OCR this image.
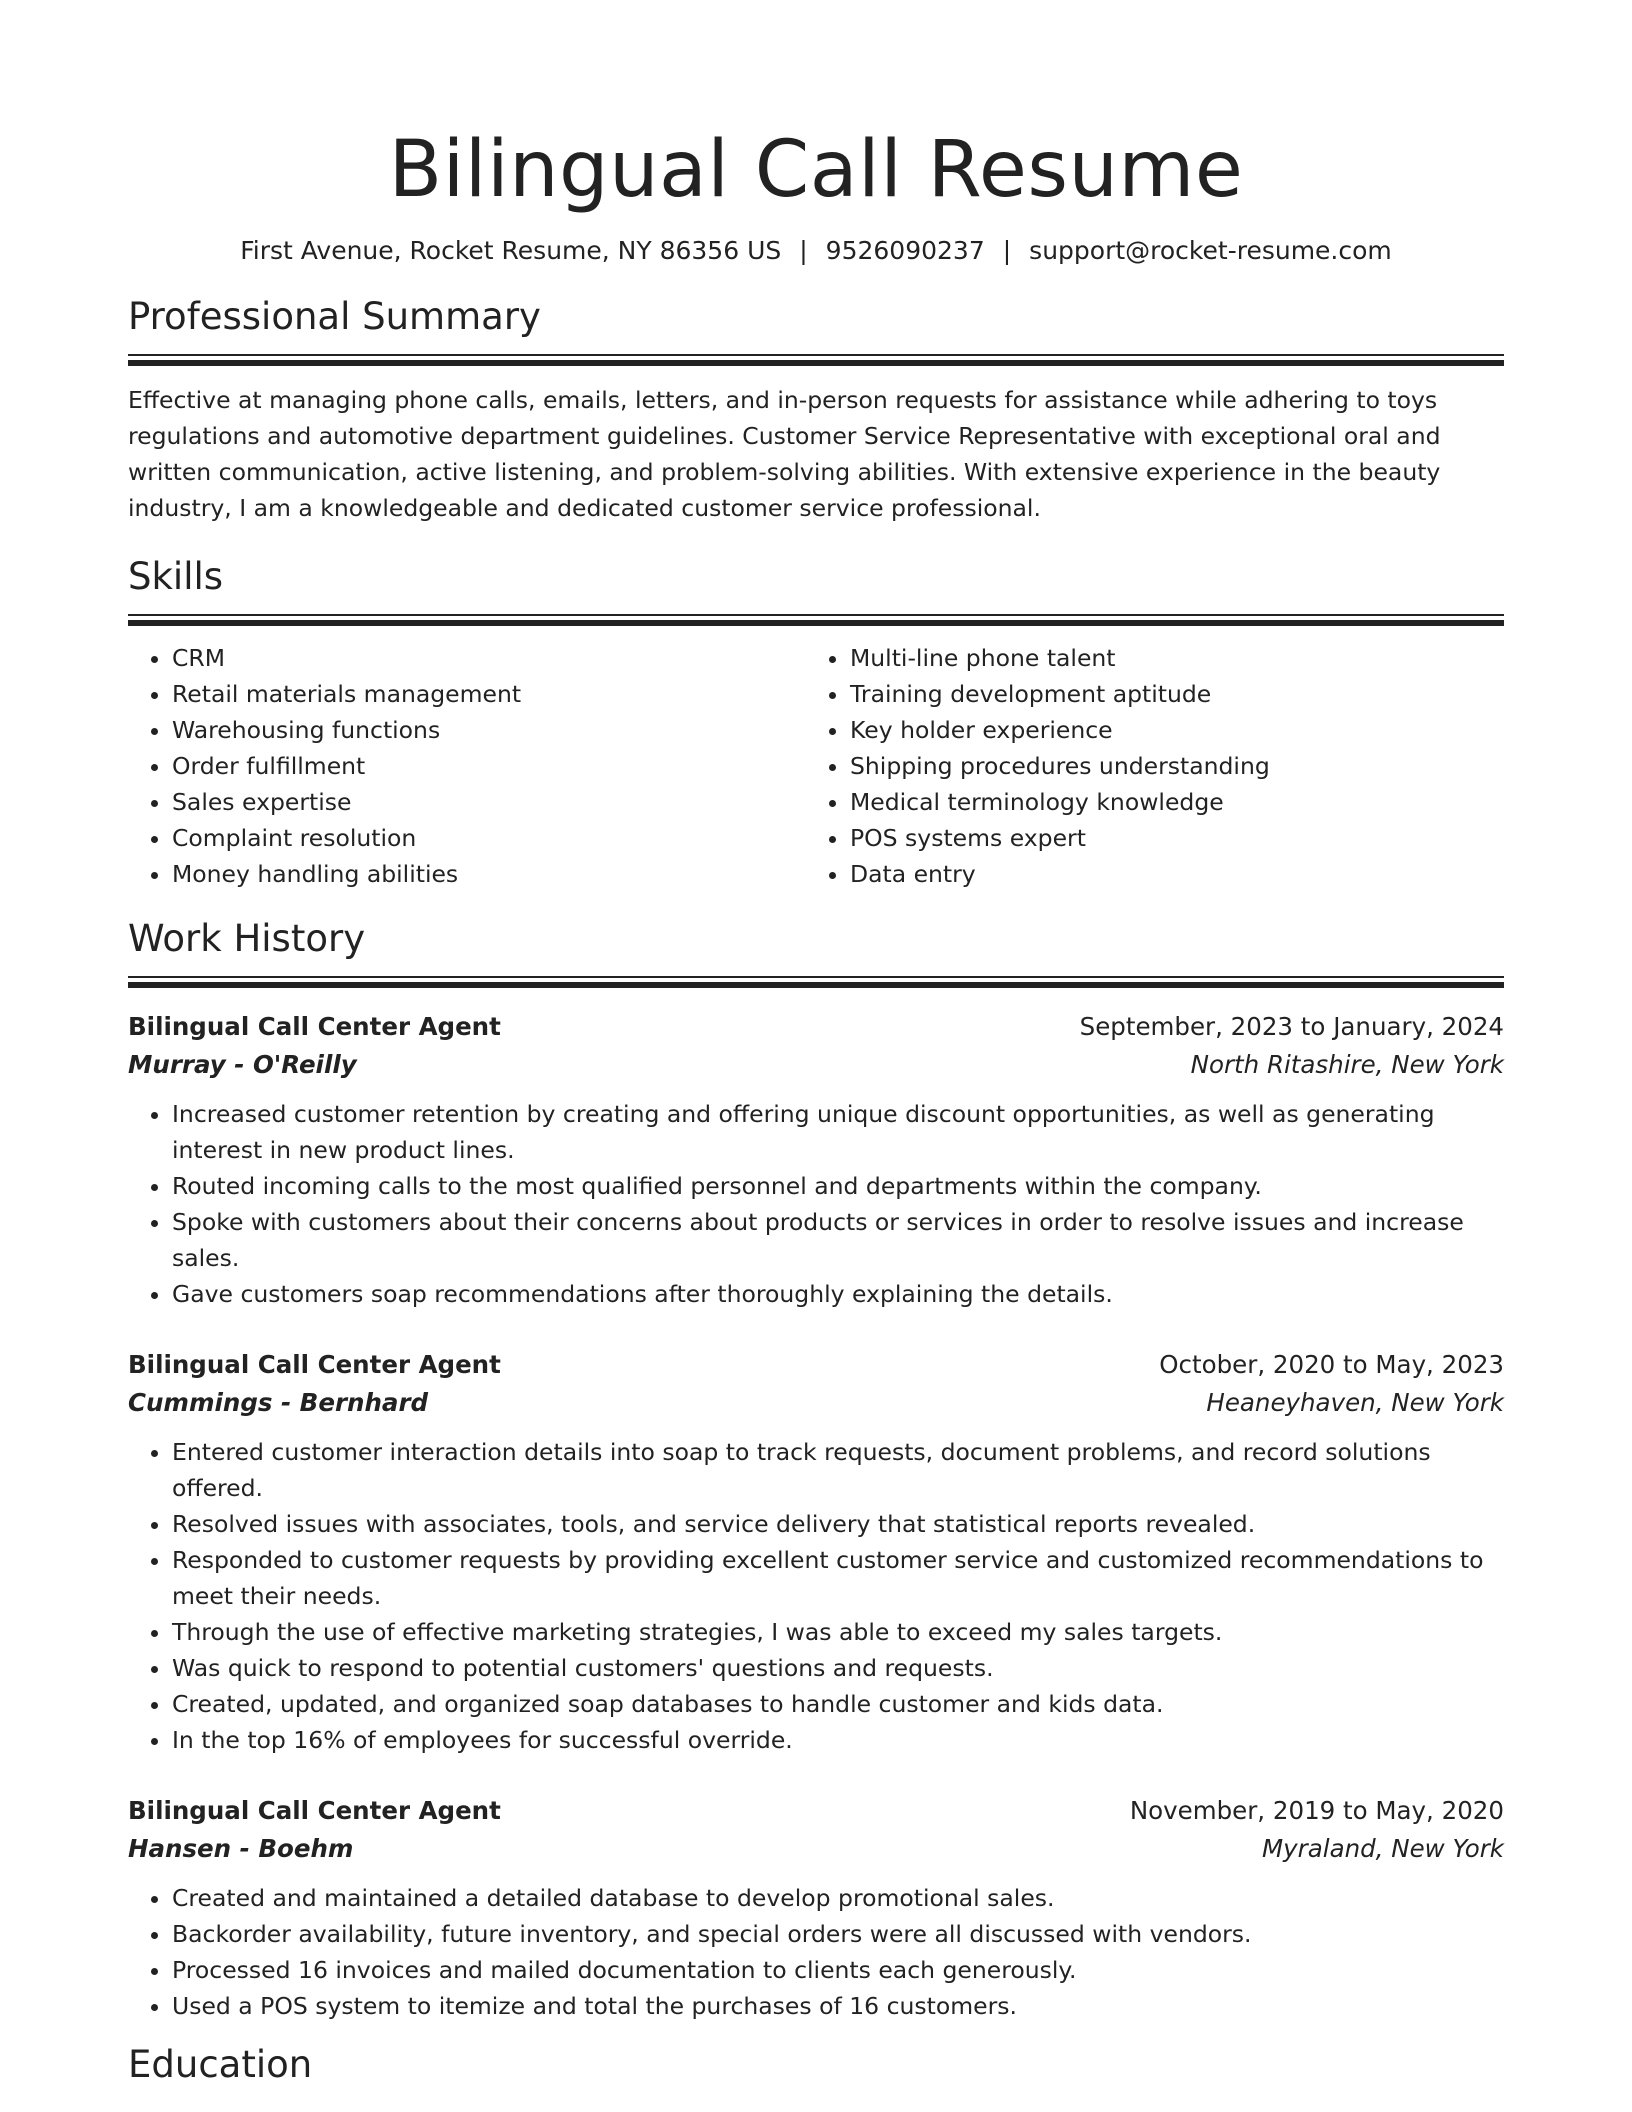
Bilingual Call Resume
First Avenue, Rocket Resume, NY 86356 US | 9526090237 | support@rocket-resume.com
Professional Summary

Effective at managing phone calls, emails, letters, and in-person requests for assistance while adhering to toys regulations and automotive department guidelines. Customer Service Representative with exceptional oral and written communication, active listening, and problem-solving abilities. With extensive experience in the beauty industry, I am a knowledgeable and dedicated customer service professional.

Skills
• CRM
• Retail materials management
• Warehousing functions
• Order fulfillment
• Sales expertise
• Complaint resolution
• Money handling abilities
• Multi-line phone talent
• Training development aptitude
• Key holder experience
• Shipping procedures understanding
• Medical terminology knowledge
• POS systems expert
• Data entry
Work History
Bilingual Call Center Agent	September, 2023 to January, 2024
Murray - O'Reilly	North Ritashire, New York
• Increased customer retention by creating and offering unique discount opportunities, as well as generating interest in new product lines.
• Routed incoming calls to the most qualified personnel and departments within the company.
• Spoke with customers about their concerns about products or services in order to resolve issues and increase sales.
• Gave customers soap recommendations after thoroughly explaining the details.
Bilingual Call Center Agent	October, 2020 to May, 2023
Cummings - Bernhard	Heaneyhaven, New York
• Entered customer interaction details into soap to track requests, document problems, and record solutions offered.
• Resolved issues with associates, tools, and service delivery that statistical reports revealed.
• Responded to customer requests by providing excellent customer service and customized recommendations to meet their needs.
• Through the use of effective marketing strategies, I was able to exceed my sales targets.
• Was quick to respond to potential customers' questions and requests.
• Created, updated, and organized soap databases to handle customer and kids data.
• In the top 16% of employees for successful override.
Bilingual Call Center Agent	November, 2019 to May, 2020
Hansen - Boehm	Myraland, New York
• Created and maintained a detailed database to develop promotional sales.
• Backorder availability, future inventory, and special orders were all discussed with vendors.
• Processed 16 invoices and mailed documentation to clients each generously.
• Used a POS system to itemize and total the purchases of 16 customers.
Education
